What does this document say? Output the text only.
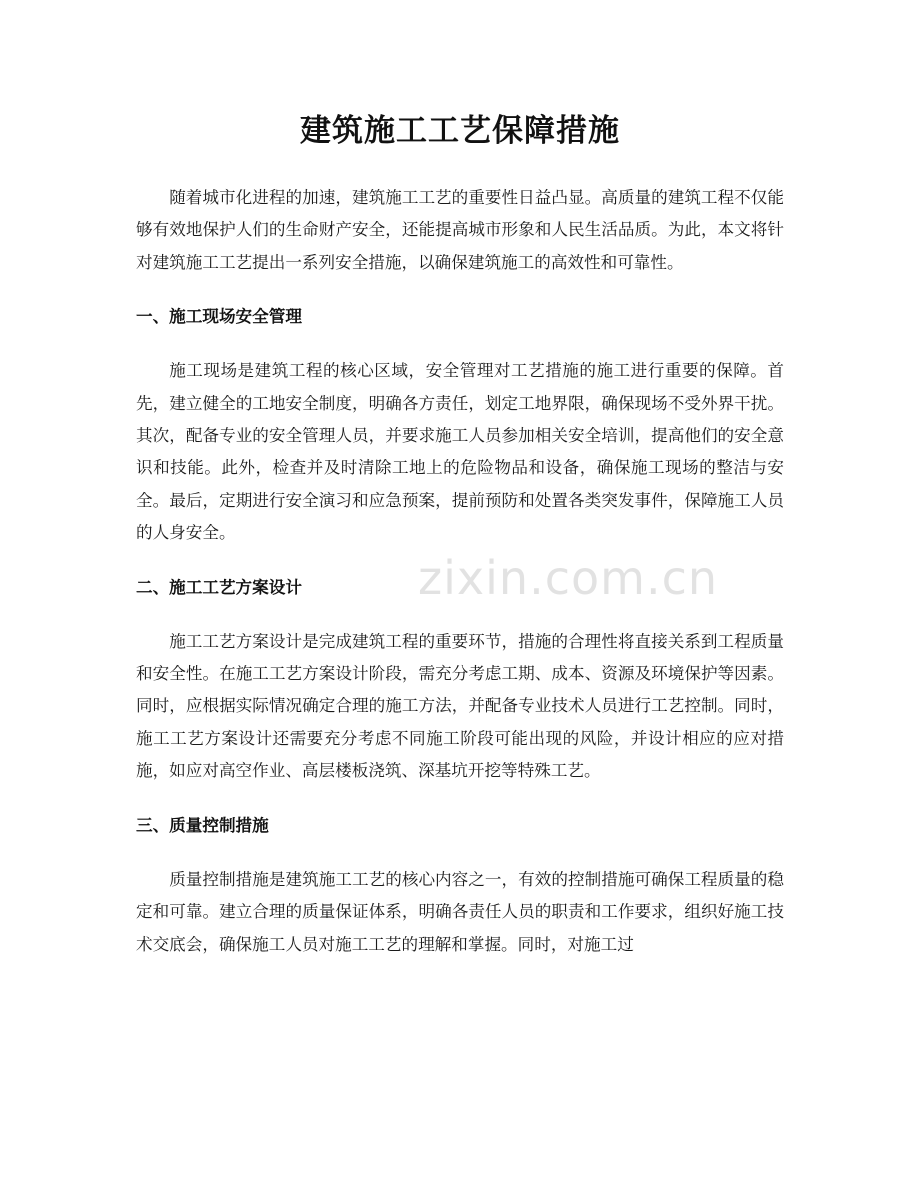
建筑施工工艺保障措施

随着城市化进程的加速，建筑施工工艺的重要性日益凸显。高质量的建筑工程不仅能够有效地保护人们的生命财产安全，还能提高城市形象和人民生活品质。为此，本文将针对建筑施工工艺提出一系列安全措施，以确保建筑施工的高效性和可靠性。

一、施工现场安全管理

施工现场是建筑工程的核心区域，安全管理对工艺措施的施工进行重要的保障。首先，建立健全的工地安全制度，明确各方责任，划定工地界限，确保现场不受外界干扰。其次，配备专业的安全管理人员，并要求施工人员参加相关安全培训，提高他们的安全意识和技能。此外，检查并及时清除工地上的危险物品和设备，确保施工现场的整洁与安全。最后，定期进行安全演习和应急预案，提前预防和处置各类突发事件，保障施工人员的人身安全。

二、施工工艺方案设计

施工工艺方案设计是完成建筑工程的重要环节，措施的合理性将直接关系到工程质量和安全性。在施工工艺方案设计阶段，需充分考虑工期、成本、资源及环境保护等因素。同时，应根据实际情况确定合理的施工方法，并配备专业技术人员进行工艺控制。同时，施工工艺方案设计还需要充分考虑不同施工阶段可能出现的风险，并设计相应的应对措施，如应对高空作业、高层楼板浇筑、深基坑开挖等特殊工艺。

三、质量控制措施

质量控制措施是建筑施工工艺的核心内容之一，有效的控制措施可确保工程质量的稳定和可靠。建立合理的质量保证体系，明确各责任人员的职责和工作要求，组织好施工技术交底会，确保施工人员对施工工艺的理解和掌握。同时，对施工过

zixin.com.cn
